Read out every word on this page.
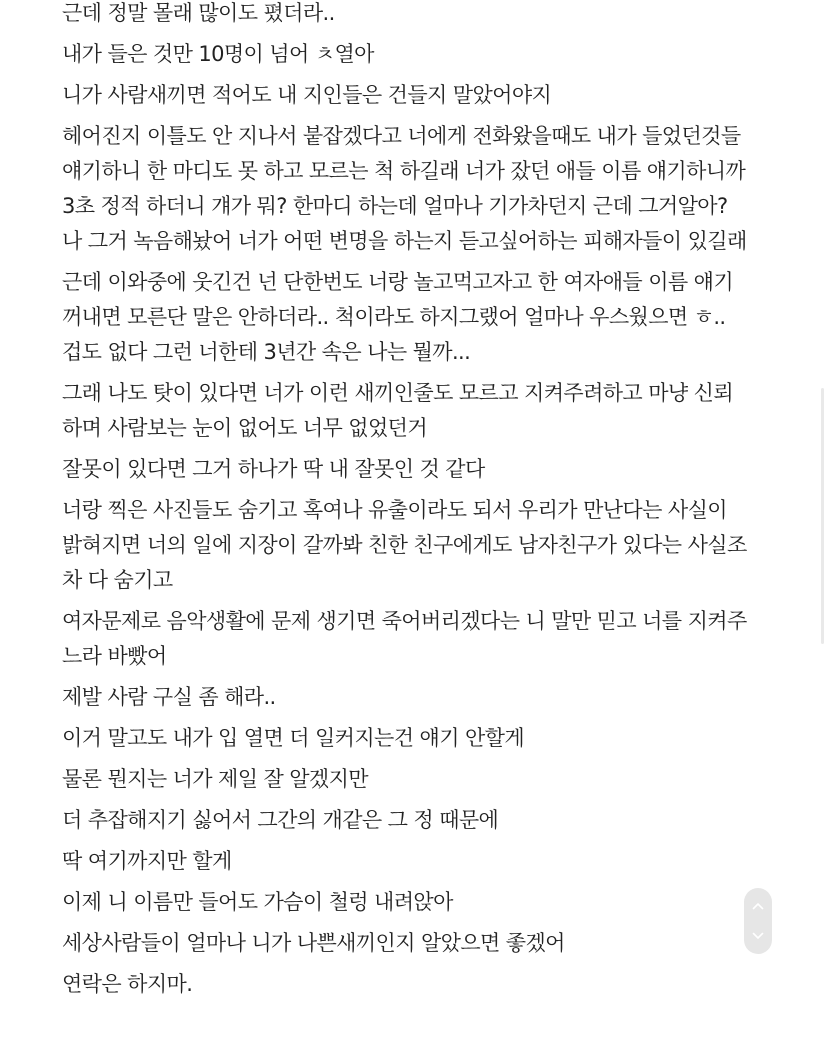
근데 정말 몰래 많이도 폈더라..

내가 들은 것만 10명이 넘어 ㅊ열아

니가 사람새끼면 적어도 내 지인들은 건들지 말았어야지

헤어진지 이틀도 안 지나서 붙잡겠다고 너에게 전화왔을때도 내가 들었던것들
얘기하니 한 마디도 못 하고 모르는 척 하길래 너가 잤던 애들 이름 얘기하니까
3초 정적 하더니 걔가 뭐? 한마디 하는데 얼마나 기가차던지 근데 그거알아?
나 그거 녹음해놨어 너가 어떤 변명을 하는지 듣고싶어하는 피해자들이 있길래

근데 이와중에 웃긴건 넌 단한번도 너랑 놀고먹고자고 한 여자애들 이름 얘기
꺼내면 모른단 말은 안하더라.. 척이라도 하지그랬어 얼마나 우스웠으면 ㅎ..
겁도 없다 그런 너한테 3년간 속은 나는 뭘까...

그래 나도 탓이 있다면 너가 이런 새끼인줄도 모르고 지켜주려하고 마냥 신뢰
하며 사람보는 눈이 없어도 너무 없었던거

잘못이 있다면 그거 하나가 딱 내 잘못인 것 같다

너랑 찍은 사진들도 숨기고 혹여나 유출이라도 되서 우리가 만난다는 사실이
밝혀지면 너의 일에 지장이 갈까봐 친한 친구에게도 남자친구가 있다는 사실조
차 다 숨기고

여자문제로 음악생활에 문제 생기면 죽어버리겠다는 니 말만 믿고 너를 지켜주
느라 바빴어

제발 사람 구실 좀 해라..

이거 말고도 내가 입 열면 더 일커지는건 얘기 안할게

물론 뭔지는 너가 제일 잘 알겠지만

더 추잡해지기 싫어서 그간의 개같은 그 정 때문에

딱 여기까지만 할게

이제 니 이름만 들어도 가슴이 철렁 내려앉아

세상사람들이 얼마나 니가 나쁜새끼인지 알았으면 좋겠어

연락은 하지마.
